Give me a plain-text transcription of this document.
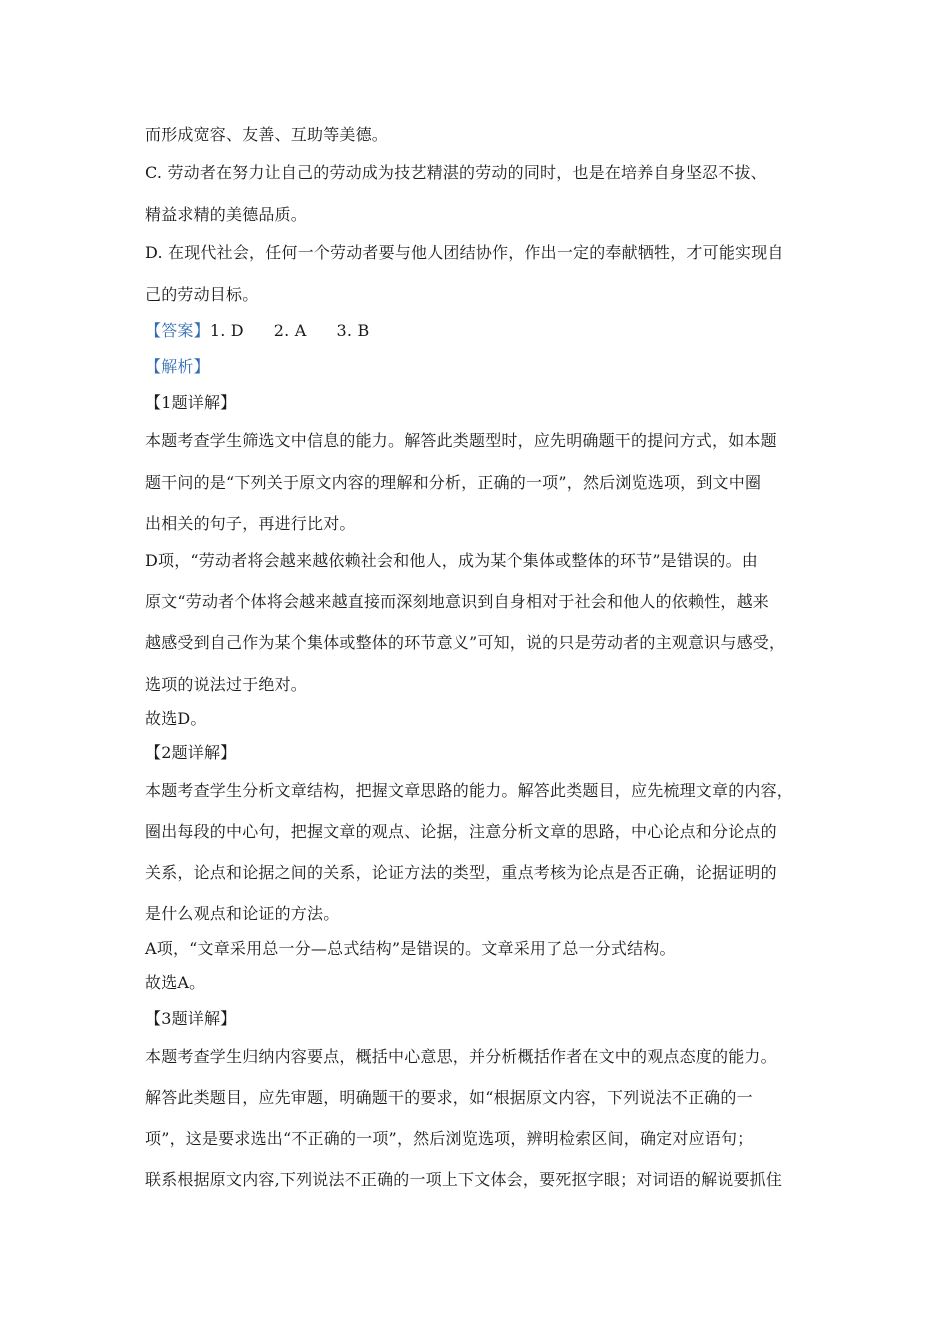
而形成宽容、友善、互助等美德。
C. 劳动者在努力让自己的劳动成为技艺精湛的劳动的同时，也是在培养自身坚忍不拔、
精益求精的美德品质。
D. 在现代社会，任何一个劳动者要与他人团结协作，作出一定的奉献牺牲，才可能实现自
己的劳动目标。
【答案】1. D 2. A 3. B
【解析】
【1题详解】
本题考查学生筛选文中信息的能力。解答此类题型时，应先明确题干的提问方式，如本题
题干问的是“下列关于原文内容的理解和分析，正确的一项”，然后浏览选项，到文中圈
出相关的句子，再进行比对。
D项，“劳动者将会越来越依赖社会和他人，成为某个集体或整体的环节”是错误的。由
原文“劳动者个体将会越来越直接而深刻地意识到自身相对于社会和他人的依赖性，越来
越感受到自己作为某个集体或整体的环节意义”可知，说的只是劳动者的主观意识与感受，
选项的说法过于绝对。
故选D。
【2题详解】
本题考查学生分析文章结构，把握文章思路的能力。解答此类题目，应先梳理文章的内容，
圈出每段的中心句，把握文章的观点、论据，注意分析文章的思路，中心论点和分论点的
关系，论点和论据之间的关系，论证方法的类型，重点考核为论点是否正确，论据证明的
是什么观点和论证的方法。
A项，“文章采用总一分—总式结构”是错误的。文章采用了总一分式结构。
故选A。
【3题详解】
本题考查学生归纳内容要点，概括中心意思，并分析概括作者在文中的观点态度的能力。
解答此类题目，应先审题，明确题干的要求，如“根据原文内容，下列说法不正确的一
项”，这是要求选出“不正确的一项”，然后浏览选项，辨明检索区间，确定对应语句；
联系根据原文内容,下列说法不正确的一项上下文体会，要死抠字眼；对词语的解说要抓住
